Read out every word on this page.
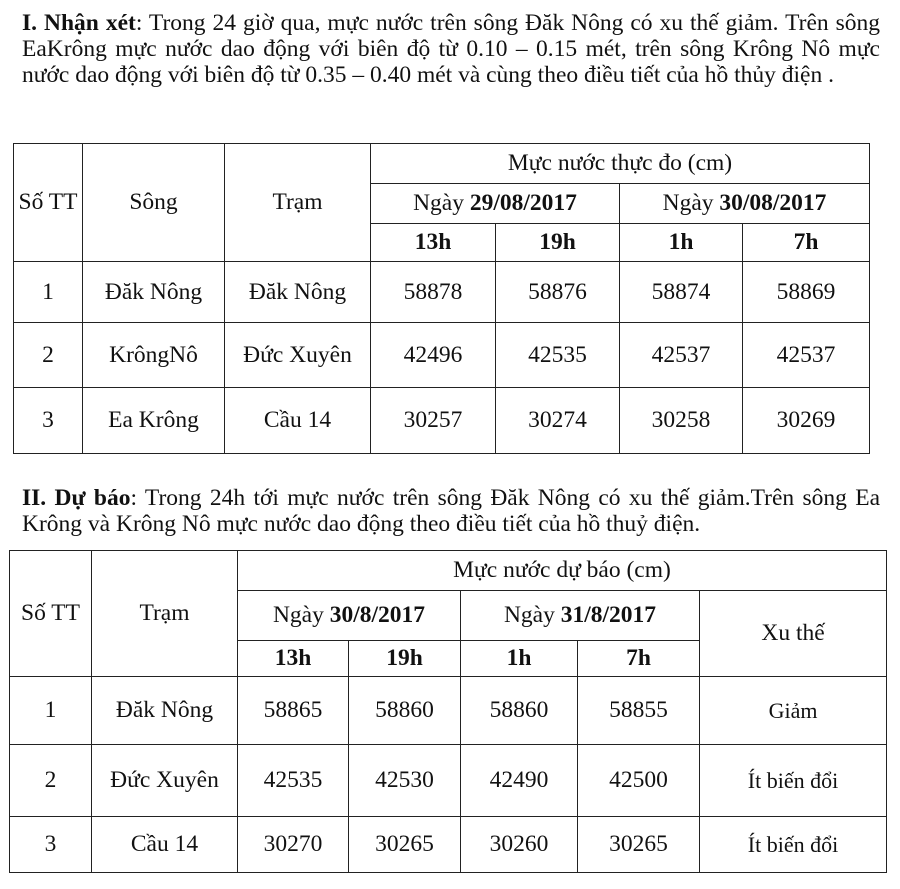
I. Nhận xét: Trong 24 giờ qua, mực nước trên sông Đăk Nông có xu thế giảm. Trên sông EaKrông mực nước dao động với biên độ từ 0.10 – 0.15 mét, trên sông Krông Nô mực nước dao động với biên độ từ 0.35 – 0.40 mét và cùng theo điều tiết của hồ thủy điện .
Số TT	Sông	Trạm	Mực nước thực đo (cm)			
			Ngày 29/08/2017		Ngày 30/08/2017	
			13h	19h	1h	7h
1	Đăk Nông	Đăk Nông	58878	58876	58874	58869
2	KrôngNô	Đức Xuyên	42496	42535	42537	42537
3	Ea Krông	Cầu 14	30257	30274	30258	30269
II. Dự báo: Trong 24h tới mực nước trên sông Đăk Nông có xu thế giảm.Trên sông Ea Krông và Krông Nô mực nước dao động theo điều tiết của hồ thuỷ điện.
Số TT	Trạm	Mực nước dự báo (cm)				
		Ngày 30/8/2017		Ngày 31/8/2017		Xu thế
		13h	19h	1h	7h	
1	Đăk Nông	58865	58860	58860	58855	Giảm
2	Đức Xuyên	42535	42530	42490	42500	Ít biến đổi
3	Cầu 14	30270	30265	30260	30265	Ít biến đổi
